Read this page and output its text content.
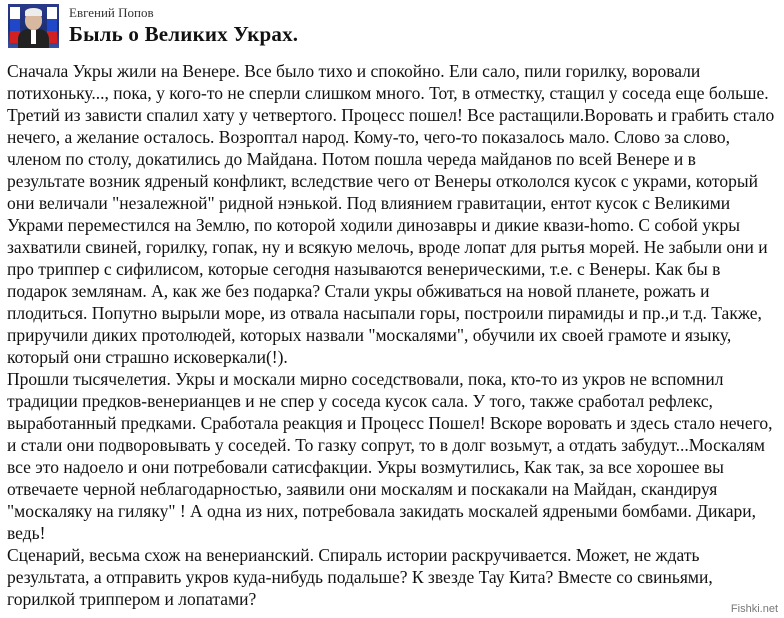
Евгений Попов
Быль о Великих Украх.

Сначала Укры жили на Венере. Все было тихо и спокойно. Ели сало, пили горилку, воровали потихоньку..., пока, у кого-то не сперли слишком много. Тот, в отместку, стащил у соседа еще больше. Третий из зависти спалил хату у четвертого. Процесс пошел! Все растащили.Воровать и грабить стало нечего, а желание осталось. Возроптал народ. Кому-то, чего-то показалось мало. Слово за слово, членом по столу, докатились до Майдана. Потом пошла череда майданов по всей Венере и в результате возник ядреный конфликт, вследствие чего от Венеры откололся кусок с украми, который они величали "незалежной" ридной нэнькой. Под влиянием гравитации, ентот кусок с Великими Украми переместился на Землю, по которой ходили динозавры и дикие квази-homo. С собой укры захватили свиней, горилку, гопак, ну и всякую мелочь, вроде лопат для рытья морей. Не забыли они и про триппер с сифилисом, которые сегодня называются венерическими, т.е. с Венеры. Как бы в подарок землянам. А, как же без подарка? Стали укры обживаться на новой планете, рожать и плодиться. Попутно вырыли море, из отвала насыпали горы, построили пирамиды и пр.,и т.д. Также, приручили диких протолюдей, которых назвали "москалями", обучили их своей грамоте и языку, который они страшно исковеркали(!).

Прошли тысячелетия. Укры и москали мирно соседствовали, пока, кто-то из укров не вспомнил традиции предков-венерианцев и не спер у соседа кусок сала. У того, также сработал рефлекс, выработанный предками. Сработала реакция и Процесс Пошел! Вскоре воровать и здесь стало нечего, и стали они подворовывать у соседей. То газку сопрут, то в долг возьмут, а отдать забудут...Москалям все это надоело и они потребовали сатисфакции. Укры возмутились, Как так, за все хорошее вы отвечаете черной неблагодарностью, заявили они москалям и поскакали на Майдан, скандируя "москаляку на гиляку" ! А одна из них, потребовала закидать москалей ядреными бомбами. Дикари, ведь!

Сценарий, весьма схож на венерианский. Спираль истории раскручивается. Может, не ждать результата, а отправить укров куда-нибудь подальше? К звезде Тау Кита? Вместе со свиньями, горилкой триппером и лопатами?	Fishki.net
